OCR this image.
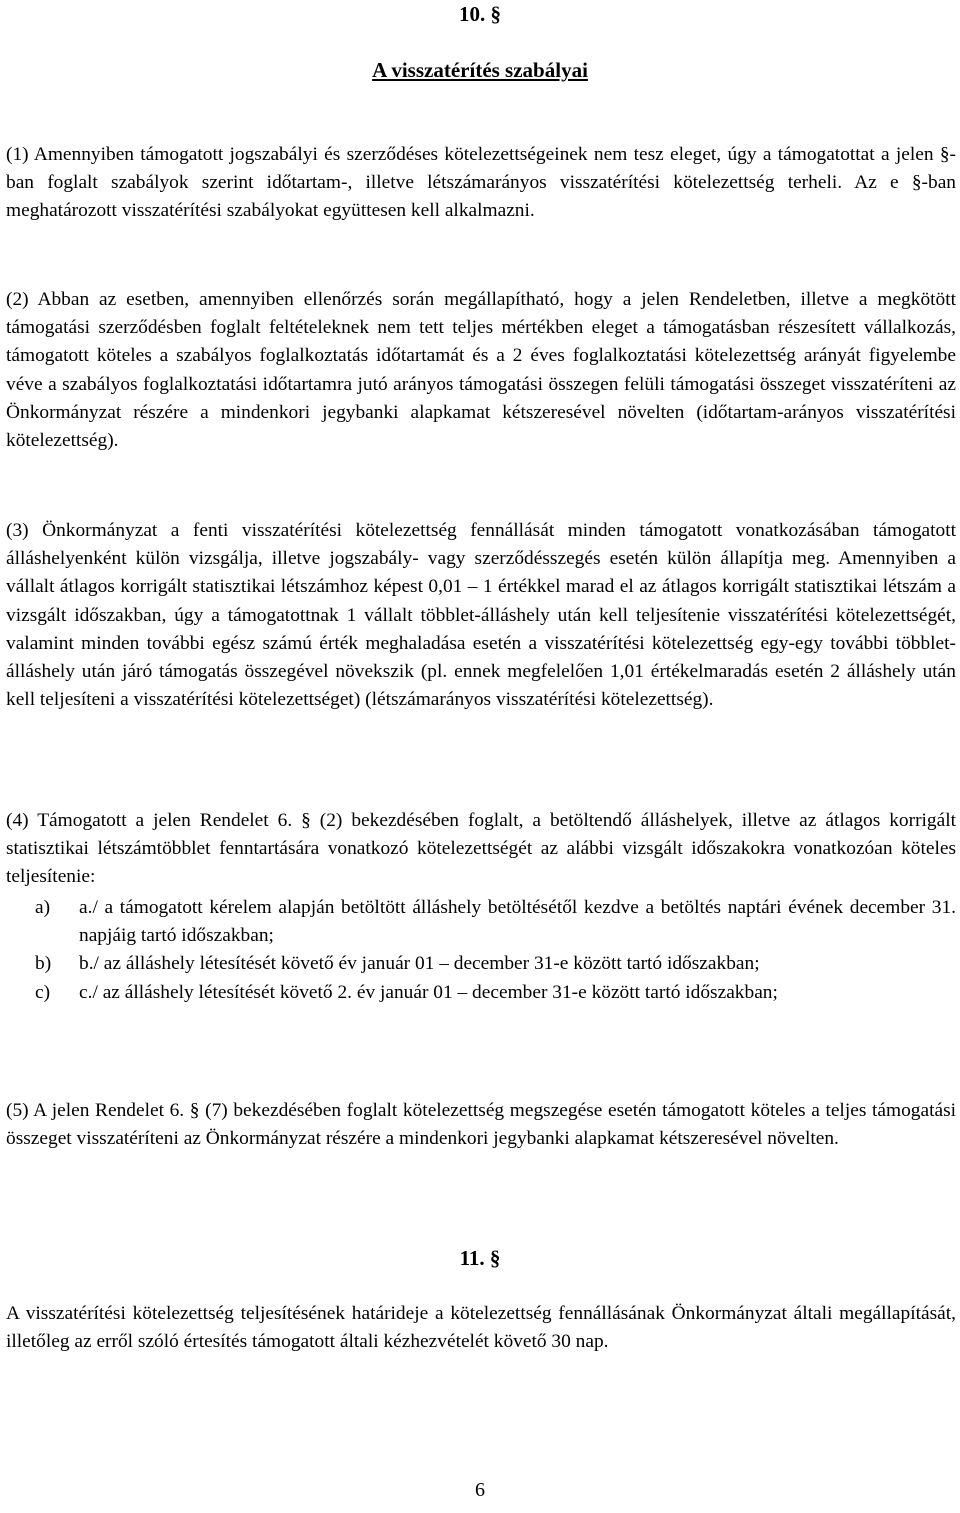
10. §
A visszatérítés szabályai

(1) Amennyiben támogatott jogszabályi és szerződéses kötelezettségeinek nem tesz eleget, úgy a támogatottat a jelen §-ban foglalt szabályok szerint időtartam-, illetve létszámarányos visszatérítési kötelezettség terheli. Az e §-ban meghatározott visszatérítési szabályokat együttesen kell alkalmazni.

(2) Abban az esetben, amennyiben ellenőrzés során megállapítható, hogy a jelen Rendeletben, illetve a megkötött támogatási szerződésben foglalt feltételeknek nem tett teljes mértékben eleget a támogatásban részesített vállalkozás, támogatott köteles a szabályos foglalkoztatás időtartamát és a 2 éves foglalkoztatási kötelezettség arányát figyelembe véve a szabályos foglalkoztatási időtartamra jutó arányos támogatási összegen felüli támogatási összeget visszatéríteni az Önkormányzat részére a mindenkori jegybanki alapkamat kétszeresével növelten (időtartam-arányos visszatérítési kötelezettség).

(3) Önkormányzat a fenti visszatérítési kötelezettség fennállását minden támogatott vonatkozásában támogatott álláshelyenként külön vizsgálja, illetve jogszabály- vagy szerződésszegés esetén külön állapítja meg. Amennyiben a vállalt átlagos korrigált statisztikai létszámhoz képest 0,01 – 1 értékkel marad el az átlagos korrigált statisztikai létszám a vizsgált időszakban, úgy a támogatottnak 1 vállalt többlet-álláshely után kell teljesítenie visszatérítési kötelezettségét, valamint minden további egész számú érték meghaladása esetén a visszatérítési kötelezettség egy-egy további többlet-álláshely után járó támogatás összegével növekszik (pl. ennek megfelelően 1,01 értékelmaradás esetén 2 álláshely után kell teljesíteni a visszatérítési kötelezettséget) (létszámarányos visszatérítési kötelezettség).

(4) Támogatott a jelen Rendelet 6. § (2) bekezdésében foglalt, a betöltendő álláshelyek, illetve az átlagos korrigált statisztikai létszámtöbblet fenntartására vonatkozó kötelezettségét az alábbi vizsgált időszakokra vonatkozóan köteles teljesítenie:

a) a./ a támogatott kérelem alapján betöltött álláshely betöltésétől kezdve a betöltés naptári évének december 31. napjáig tartó időszakban;
b) b./ az álláshely létesítését követő év január 01 – december 31-e között tartó időszakban;
c) c./ az álláshely létesítését követő 2. év január 01 – december 31-e között tartó időszakban;

(5) A jelen Rendelet 6. § (7) bekezdésében foglalt kötelezettség megszegése esetén támogatott köteles a teljes támogatási összeget visszatéríteni az Önkormányzat részére a mindenkori jegybanki alapkamat kétszeresével növelten.

11. §

A visszatérítési kötelezettség teljesítésének határideje a kötelezettség fennállásának Önkormányzat általi megállapítását, illetőleg az erről szóló értesítés támogatott általi kézhezvételét követő 30 nap.

6
